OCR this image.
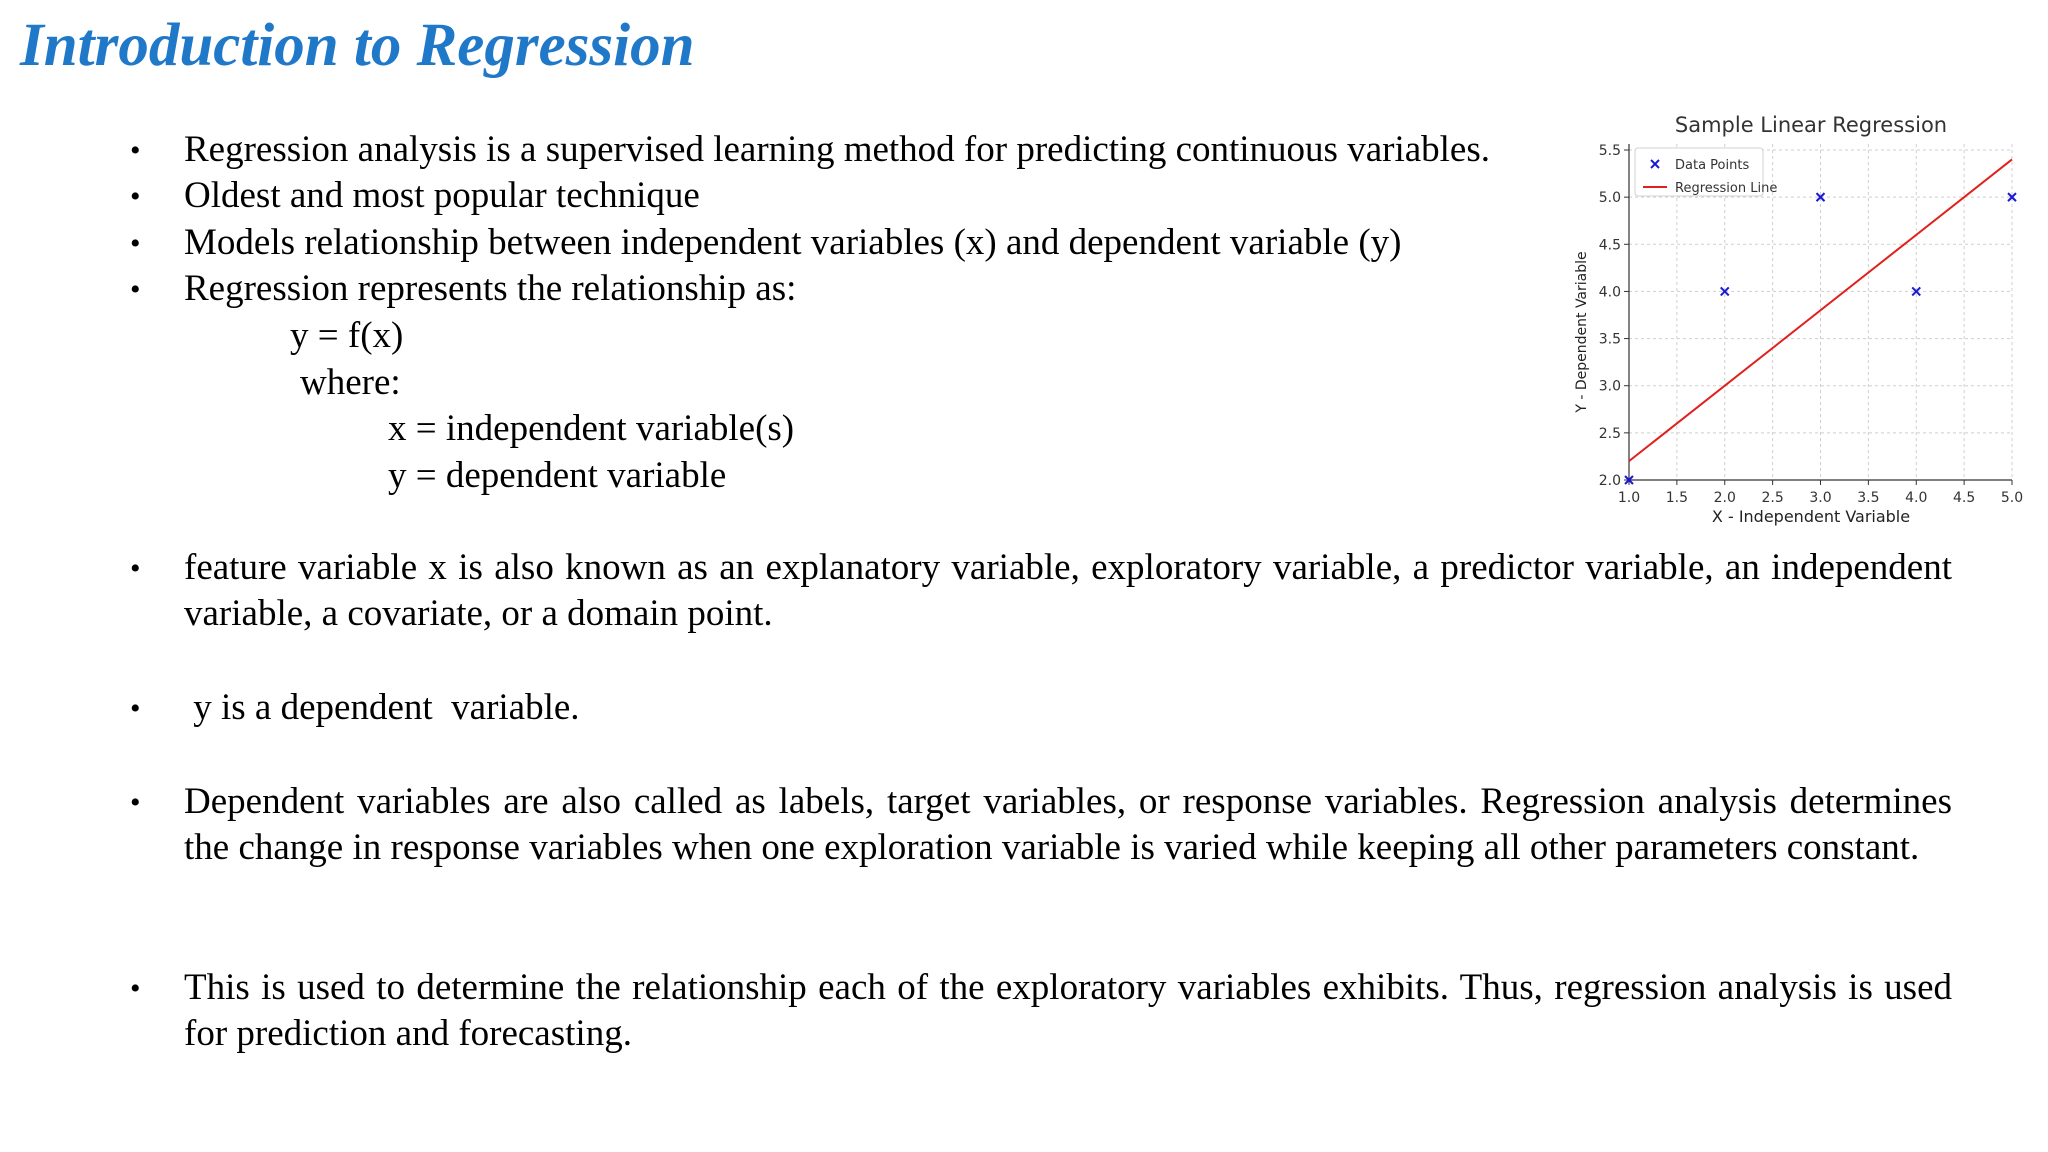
Introduction to Regression
•	Regression analysis is a supervised learning method for predicting continuous variables.
•	Oldest and most popular technique
•	Models relationship between independent variables (x) and dependent variable (y)
•	Regression represents the relationship as:
y = f(x)
where:
x = independent variable(s)
y = dependent variable
•	feature variable x is also known as an explanatory variable, exploratory variable, a predictor variable, an independent variable, a covariate, or a domain point.
•	y is a dependent  variable.
•	Dependent variables are also called as labels, target variables, or response variables. Regression analysis determines the change in response variables when one exploration variable is varied while keeping all other parameters constant.
•	This is used to determine the relationship each of the exploratory variables exhibits. Thus, regression analysis is used for prediction and forecasting.
Sample Linear Regression
X - Independent Variable
Y - Dependent Variable
1.0 1.5 2.0 2.5 3.0 3.5 4.0 4.5 5.0
2.0
2.5
3.0
3.5
4.0
4.5
5.0
5.5
Data Points
Regression Line
